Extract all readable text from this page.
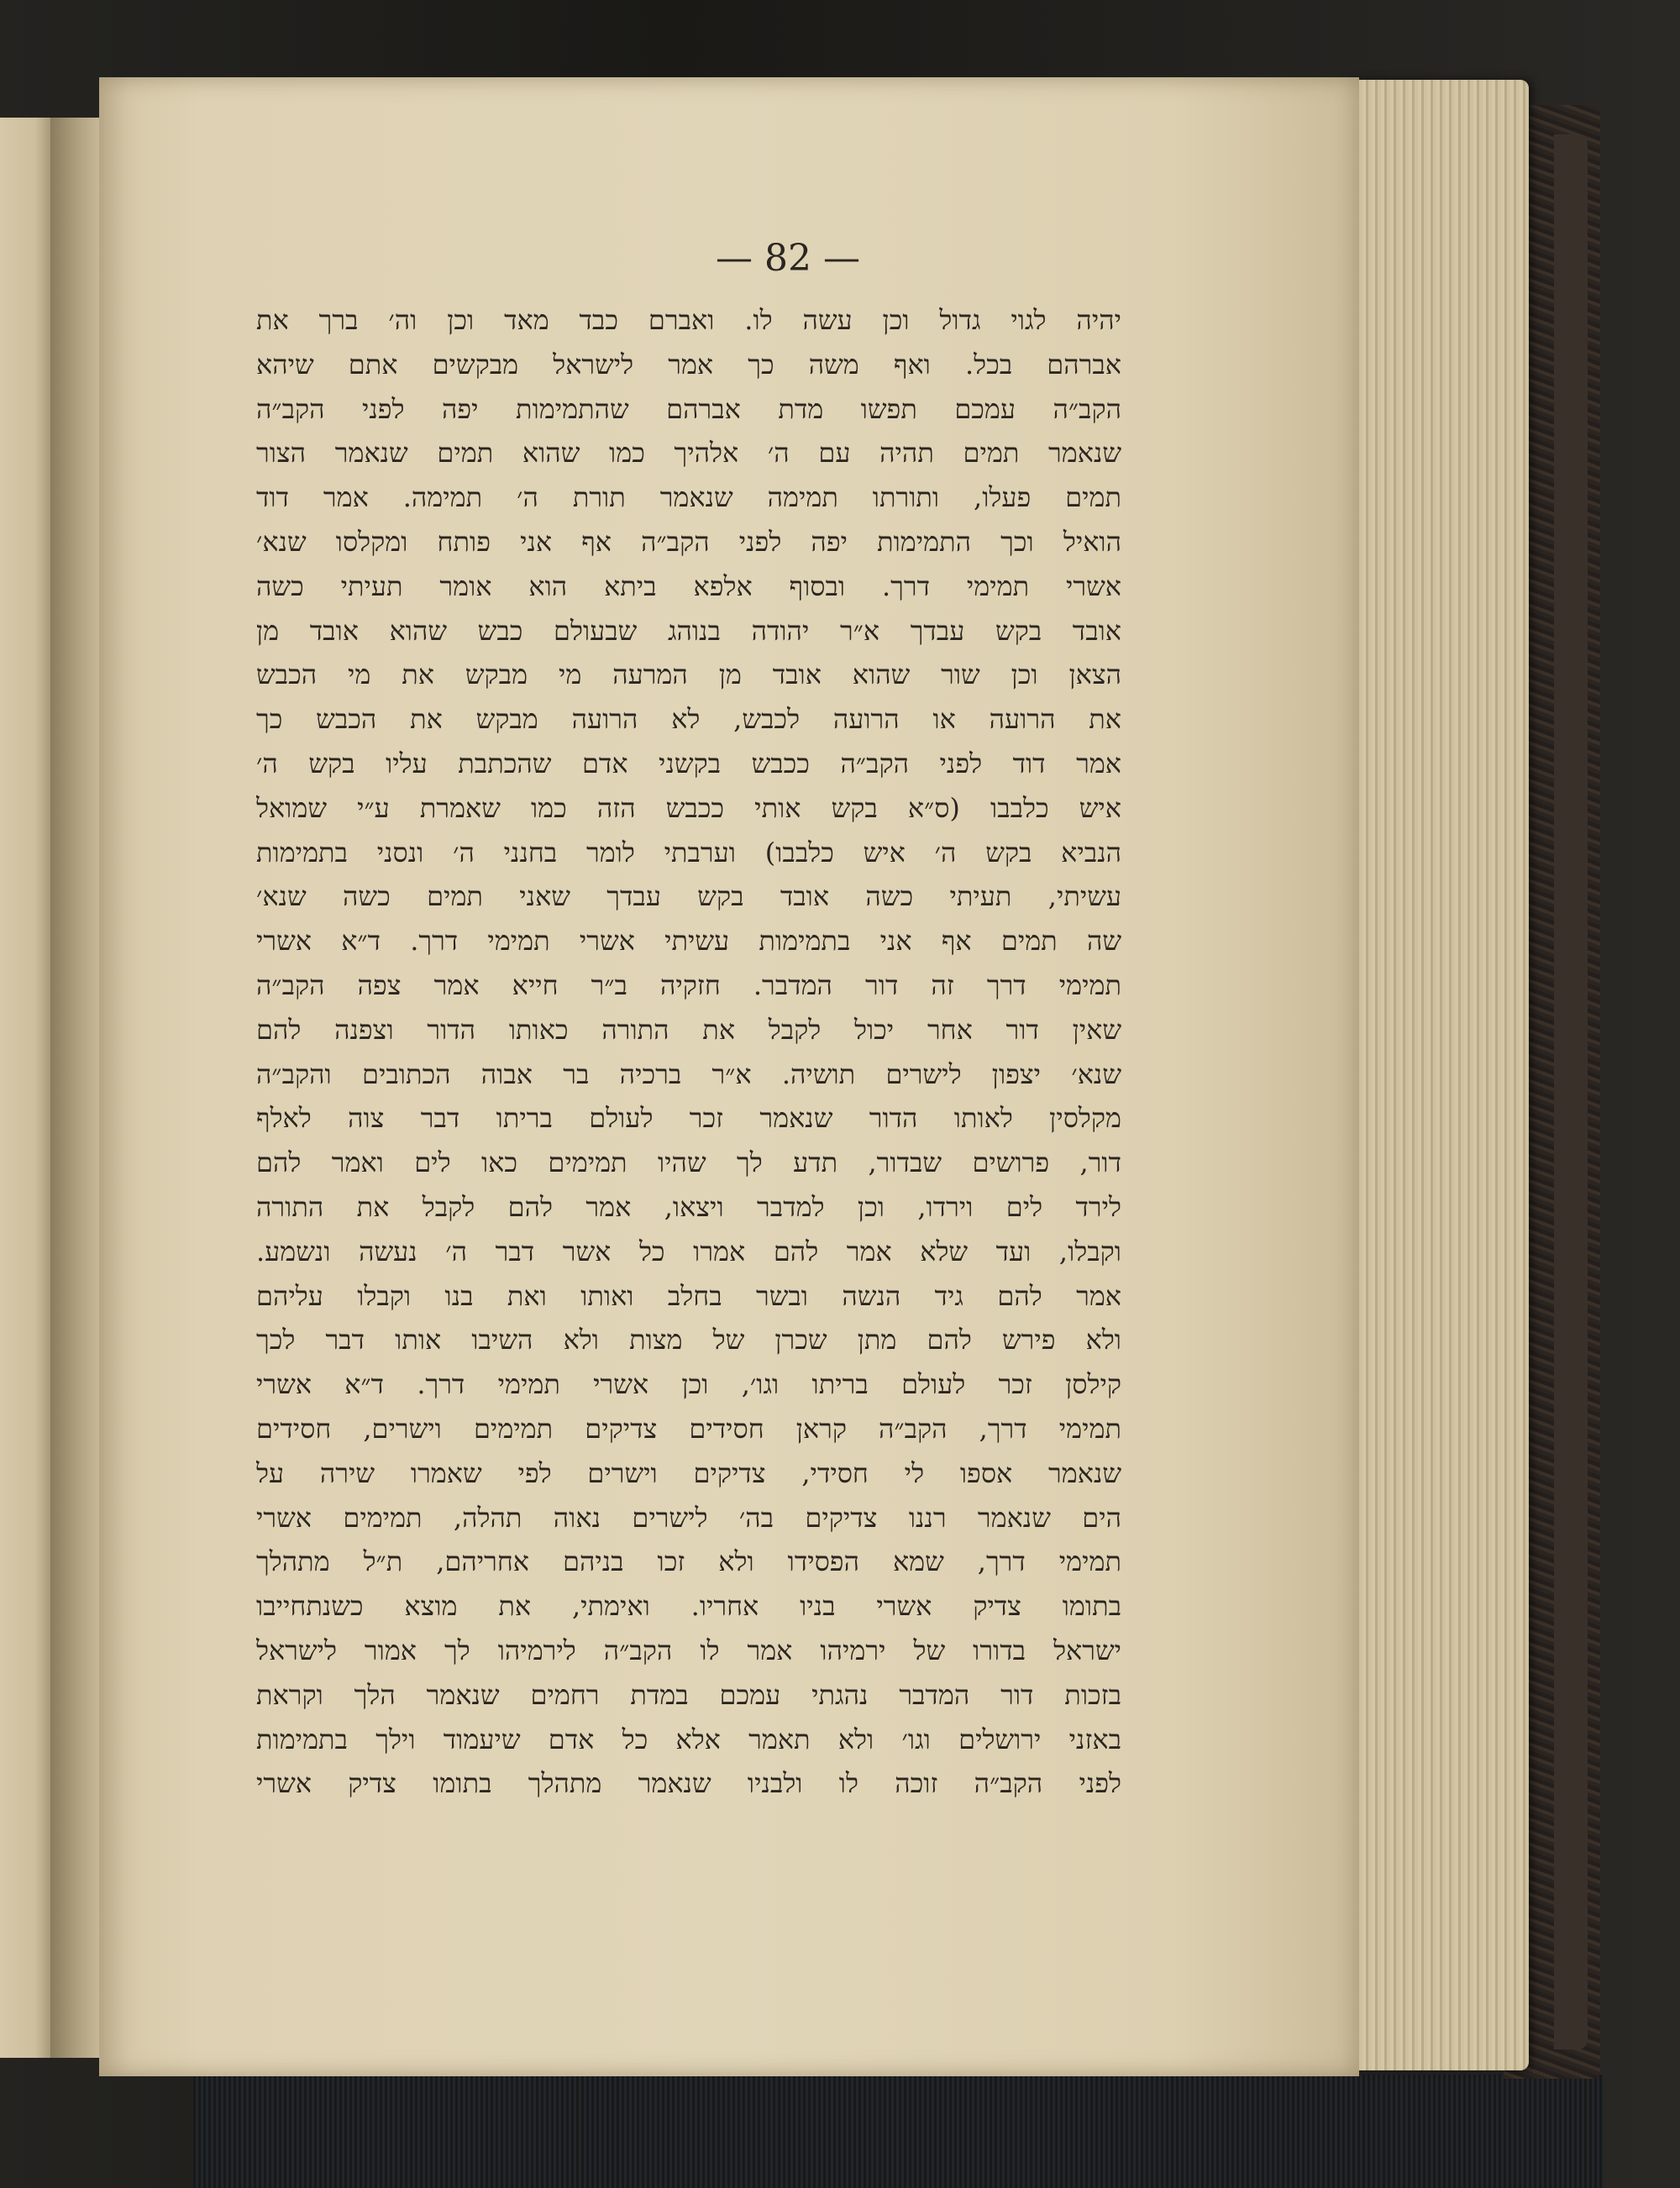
— 82 —
יהיה לגוי גדול וכן עשה לו. ואברם כבד מאד וכן וה׳ ברך את
אברהם בכל. ואף משה כך אמר לישראל מבקשים אתם שיהא
הקב״ה עמכם תפשו מדת אברהם שהתמימות יפה לפני הקב״ה
שנאמר תמים תהיה עם ה׳ אלהיך כמו שהוא תמים שנאמר הצור
תמים פעלו, ותורתו תמימה שנאמר תורת ה׳ תמימה. אמר דוד
הואיל וכך התמימות יפה לפני הקב״ה אף אני פותח ומקלסו שנא׳
אשרי תמימי דרך. ובסוף אלפא ביתא הוא אומר תעיתי כשה
אובד בקש עבדך א״ר יהודה בנוהג שבעולם כבש שהוא אובד מן
הצאן וכן שור שהוא אובד מן המרעה מי מבקש את מי הכבש
את הרועה או הרועה לכבש, לא הרועה מבקש את הכבש כך
אמר דוד לפני הקב״ה ככבש בקשני אדם שהכתבת עליו בקש ה׳
איש כלבבו (ס״א בקש אותי ככבש הזה כמו שאמרת ע״י שמואל
הנביא בקש ה׳ איש כלבבו) וערבתי לומר בחנני ה׳ ונסני בתמימות
עשיתי, תעיתי כשה אובד בקש עבדך שאני תמים כשה שנא׳
שה תמים אף אני בתמימות עשיתי אשרי תמימי דרך. ד״א אשרי
תמימי דרך זה דור המדבר. חזקיה ב״ר חייא אמר צפה הקב״ה
שאין דור אחר יכול לקבל את התורה כאותו הדור וצפנה להם
שנא׳ יצפון לישרים תושיה. א״ר ברכיה בר אבוה הכתובים והקב״ה
מקלסין לאותו הדור שנאמר זכר לעולם בריתו דבר צוה לאלף
דור, פרושים שבדור, תדע לך שהיו תמימים כאו לים ואמר להם
לירד לים וירדו, וכן למדבר ויצאו, אמר להם לקבל את התורה
וקבלו, ועד שלא אמר להם אמרו כל אשר דבר ה׳ נעשה ונשמע.
אמר להם גיד הנשה ובשר בחלב ואותו ואת בנו וקבלו עליהם
ולא פירש להם מתן שכרן של מצות ולא השיבו אותו דבר לכך
קילסן זכר לעולם בריתו וגו׳, וכן אשרי תמימי דרך. ד״א אשרי
תמימי דרך, הקב״ה קראן חסידים צדיקים תמימים וישרים, חסידים
שנאמר אספו לי חסידי, צדיקים וישרים לפי שאמרו שירה על
הים שנאמר רננו צדיקים בה׳ לישרים נאוה תהלה, תמימים אשרי
תמימי דרך, שמא הפסידו ולא זכו בניהם אחריהם, ת״ל מתהלך
בתומו צדיק אשרי בניו אחריו. ואימתי, את מוצא כשנתחייבו
ישראל בדורו של ירמיהו אמר לו הקב״ה לירמיהו לך אמור לישראל
בזכות דור המדבר נהגתי עמכם במדת רחמים שנאמר הלך וקראת
באזני ירושלים וגו׳ ולא תאמר אלא כל אדם שיעמוד וילך בתמימות
לפני הקב״ה זוכה לו ולבניו שנאמר מתהלך בתומו צדיק אשרי
